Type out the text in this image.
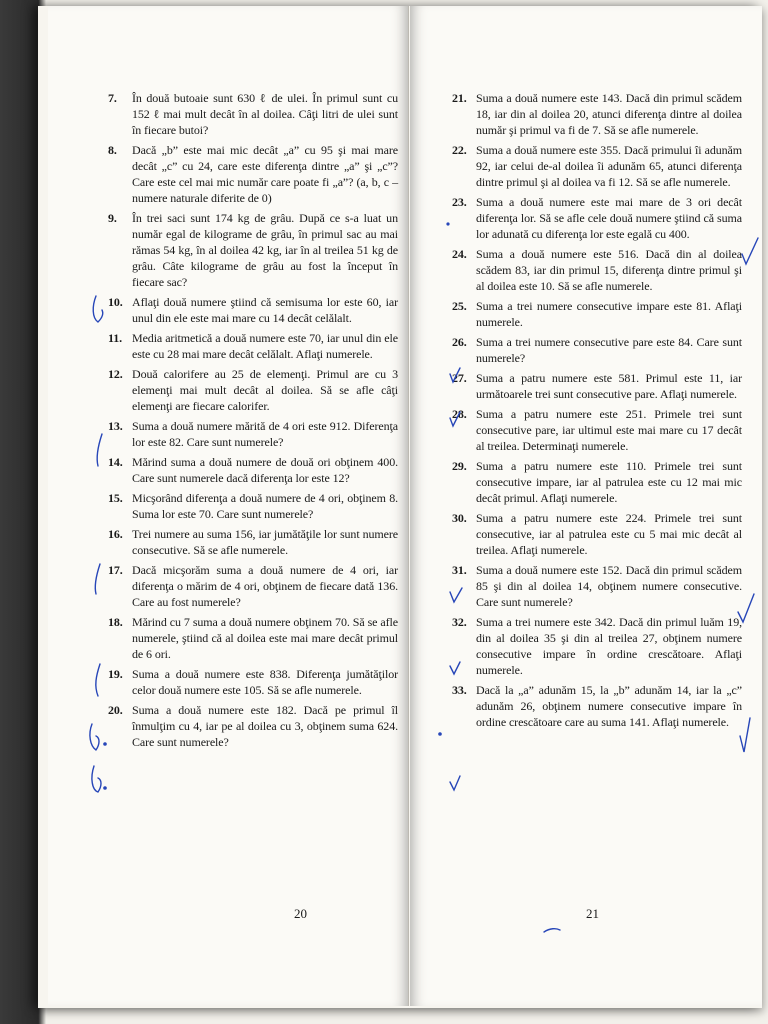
7.	În două butoaie sunt 630 ℓ de ulei. În primul sunt cu 152 ℓ mai mult decât în al doilea. Câţi litri de ulei sunt în fiecare butoi?
8.	Dacă „b” este mai mic decât „a” cu 95 şi mai mare decât „c” cu 24, care este diferenţa dintre „a” şi „c”? Care este cel mai mic număr care poate fi „a”? (a, b, c – numere naturale diferite de 0)
9.	În trei saci sunt 174 kg de grâu. După ce s-a luat un număr egal de kilograme de grâu, în primul sac au mai rămas 54 kg, în al doilea 42 kg, iar în al treilea 51 kg de grâu. Câte kilograme de grâu au fost la început în fiecare sac?
10. Aflaţi două numere ştiind că semisuma lor este 60, iar unul din ele este mai mare cu 14 decât celălalt.
11. Media aritmetică a două numere este 70, iar unul din ele este cu 28 mai mare decât celălalt. Aflaţi numerele.
12. Două calorifere au 25 de elemenţi. Primul are cu 3 elemenţi mai mult decât al doilea. Să se afle câţi elemenţi are fiecare calorifer.
13. Suma a două numere mărită de 4 ori este 912. Diferenţa lor este 82. Care sunt numerele?
14. Mărind suma a două numere de două ori obţinem 400. Care sunt numerele dacă diferenţa lor este 12?
15. Micşorând diferenţa a două numere de 4 ori, obţinem 8. Suma lor este 70. Care sunt numerele?
16. Trei numere au suma 156, iar jumătăţile lor sunt numere consecutive. Să se afle numerele.
17. Dacă micşorăm suma a două numere de 4 ori, iar diferenţa o mărim de 4 ori, obţinem de fiecare dată 136. Care au fost numerele?
18. Mărind cu 7 suma a două numere obţinem 70. Să se afle numerele, ştiind că al doilea este mai mare decât primul de 6 ori.
19. Suma a două numere este 838. Diferenţa jumătăţilor celor două numere este 105. Să se afle numerele.
20. Suma a două numere este 182. Dacă pe primul îl înmulţim cu 4, iar pe al doilea cu 3, obţinem suma 624. Care sunt numerele?
20
21. Suma a două numere este 143. Dacă din primul scădem 18, iar din al doilea 20, atunci diferenţa dintre al doilea număr şi primul va fi de 7. Să se afle numerele.
22. Suma a două numere este 355. Dacă primului îi adunăm 92, iar celui de-al doilea îi adunăm 65, atunci diferenţa dintre primul şi al doilea va fi 12. Să se afle numerele.
23. Suma a două numere este mai mare de 3 ori decât diferenţa lor. Să se afle cele două numere ştiind că suma lor adunată cu diferenţa lor este egală cu 400.
24. Suma a două numere este 516. Dacă din al doilea scădem 83, iar din primul 15, diferenţa dintre primul şi al doilea este 10. Să se afle numerele.
25. Suma a trei numere consecutive impare este 81. Aflaţi numerele.
26. Suma a trei numere consecutive pare este 84. Care sunt numerele?
27. Suma a patru numere este 581. Primul este 11, iar următoarele trei sunt consecutive pare. Aflaţi numerele.
28. Suma a patru numere este 251. Primele trei sunt consecutive pare, iar ultimul este mai mare cu 17 decât al treilea. Determinaţi numerele.
29. Suma a patru numere este 110. Primele trei sunt consecutive impare, iar al patrulea este cu 12 mai mic decât primul. Aflaţi numerele.
30. Suma a patru numere este 224. Primele trei sunt consecutive, iar al patrulea este cu 5 mai mic decât al treilea. Aflaţi numerele.
31. Suma a două numere este 152. Dacă din primul scădem 85 şi din al doilea 14, obţinem numere consecutive. Care sunt numerele?
32. Suma a trei numere este 342. Dacă din primul luăm 19, din al doilea 35 şi din al treilea 27, obţinem numere consecutive impare în ordine crescătoare. Aflaţi numerele.
33. Dacă la „a” adunăm 15, la „b” adunăm 14, iar la „c” adunăm 26, obţinem numere consecutive impare în ordine crescătoare care au suma 141. Aflaţi numerele.
21
